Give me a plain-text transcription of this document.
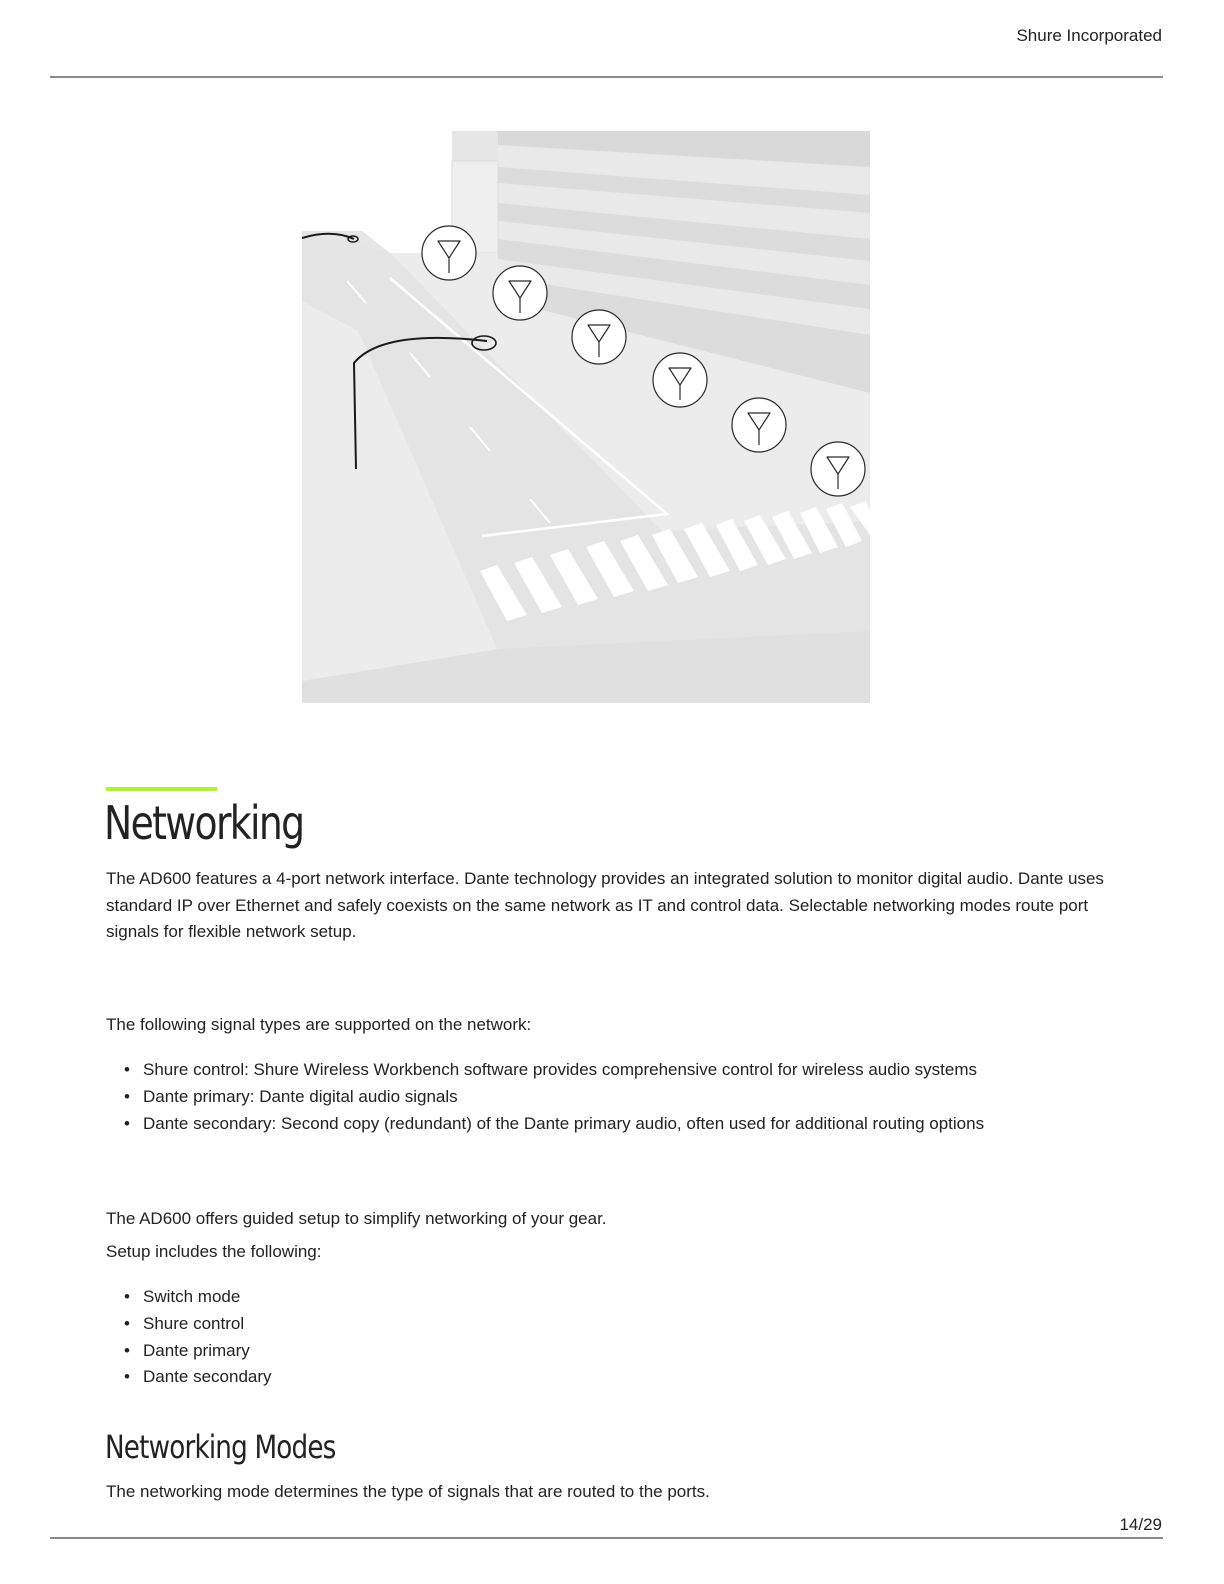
Shure Incorporated
Networking

The AD600 features a 4-port network interface. Dante technology provides an integrated solution to monitor digital audio. Dante uses standard IP over Ethernet and safely coexists on the same network as IT and control data. Selectable networking modes route port signals for flexible network setup.

The following signal types are supported on the network:

• Shure control: Shure Wireless Workbench software provides comprehensive control for wireless audio systems
• Dante primary: Dante digital audio signals
• Dante secondary: Second copy (redundant) of the Dante primary audio, often used for additional routing options

The AD600 offers guided setup to simplify networking of your gear.

Setup includes the following:

• Switch mode
• Shure control
• Dante primary
• Dante secondary
Networking Modes

The networking mode determines the type of signals that are routed to the ports.

14/29
